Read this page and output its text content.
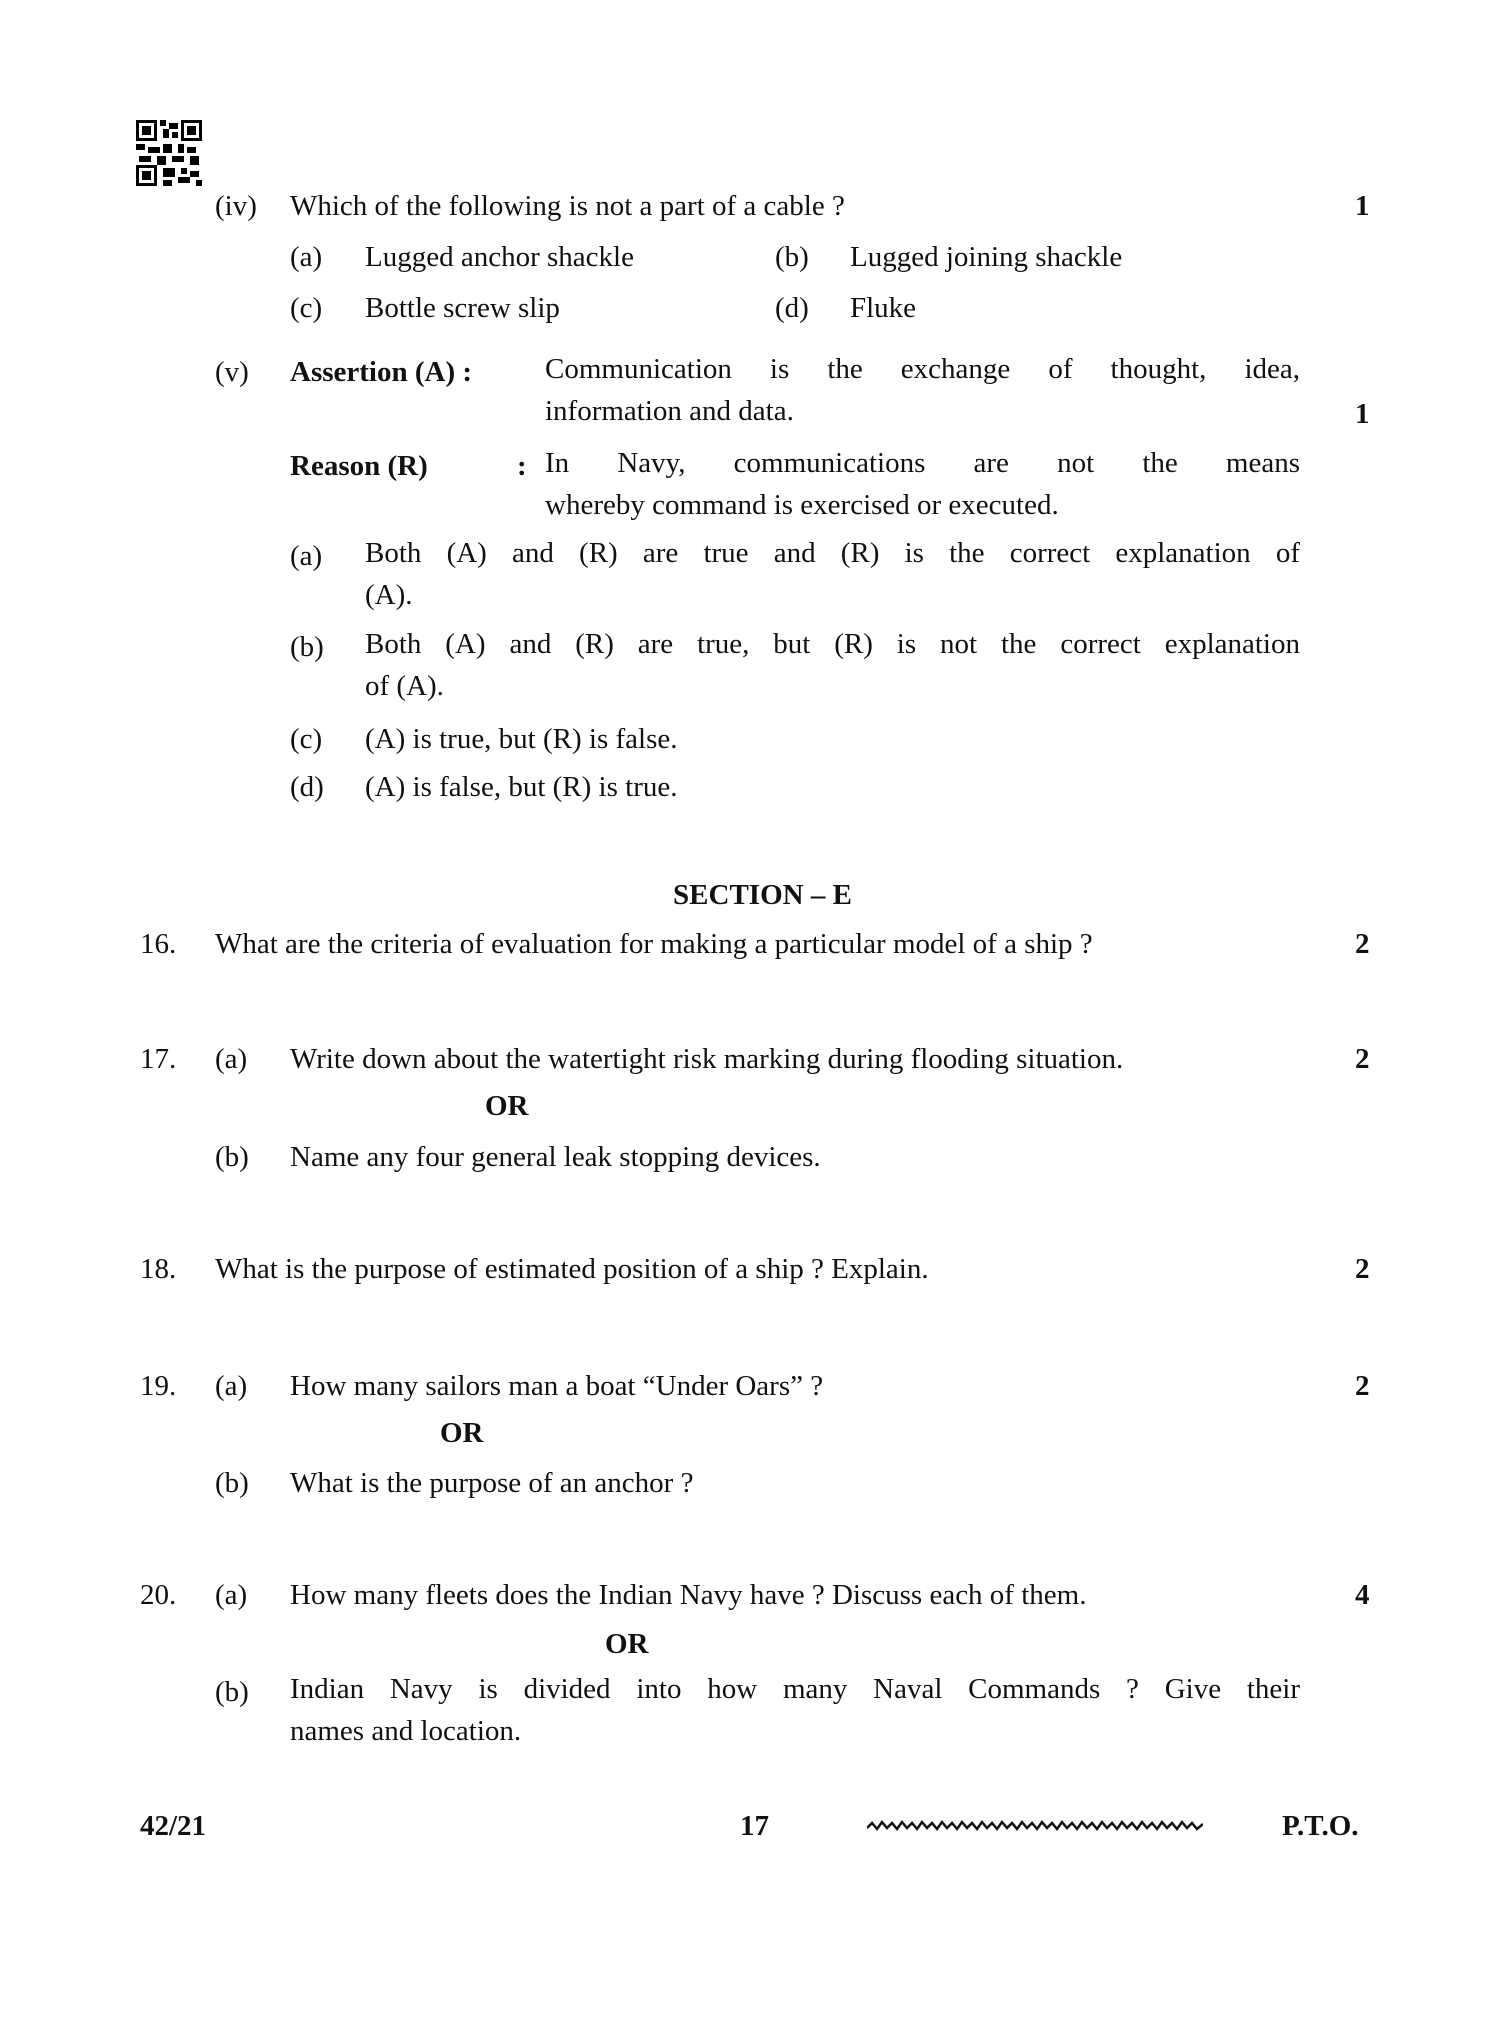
(iv) Which of the following is not a part of a cable ?	1
(a) Lugged anchor shackle	(b) Lugged joining shackle
(c) Bottle screw slip	(d) Fluke
(v) Assertion (A) :	Communication is the exchange of thought, idea,
information and data.	1
Reason (R)	: In Navy, communications are not the means
whereby command is exercised or executed.
(a) Both (A) and (R) are true and (R) is the correct explanation of
(A).
(b) Both (A) and (R) are true, but (R) is not the correct explanation
of (A).
(c) (A) is true, but (R) is false.
(d) (A) is false, but (R) is true.
SECTION – E
16. What are the criteria of evaluation for making a particular model of a ship ?	2
17. (a) Write down about the watertight risk marking during flooding situation.	2
OR
(b) Name any four general leak stopping devices.
18. What is the purpose of estimated position of a ship ? Explain.	2
19. (a) How many sailors man a boat “Under Oars” ?	2
OR
(b) What is the purpose of an anchor ?
20. (a) How many fleets does the Indian Navy have ? Discuss each of them.	4
OR
(b) Indian Navy is divided into how many Naval Commands ? Give their
names and location.
42/21	17	P.T.O.
